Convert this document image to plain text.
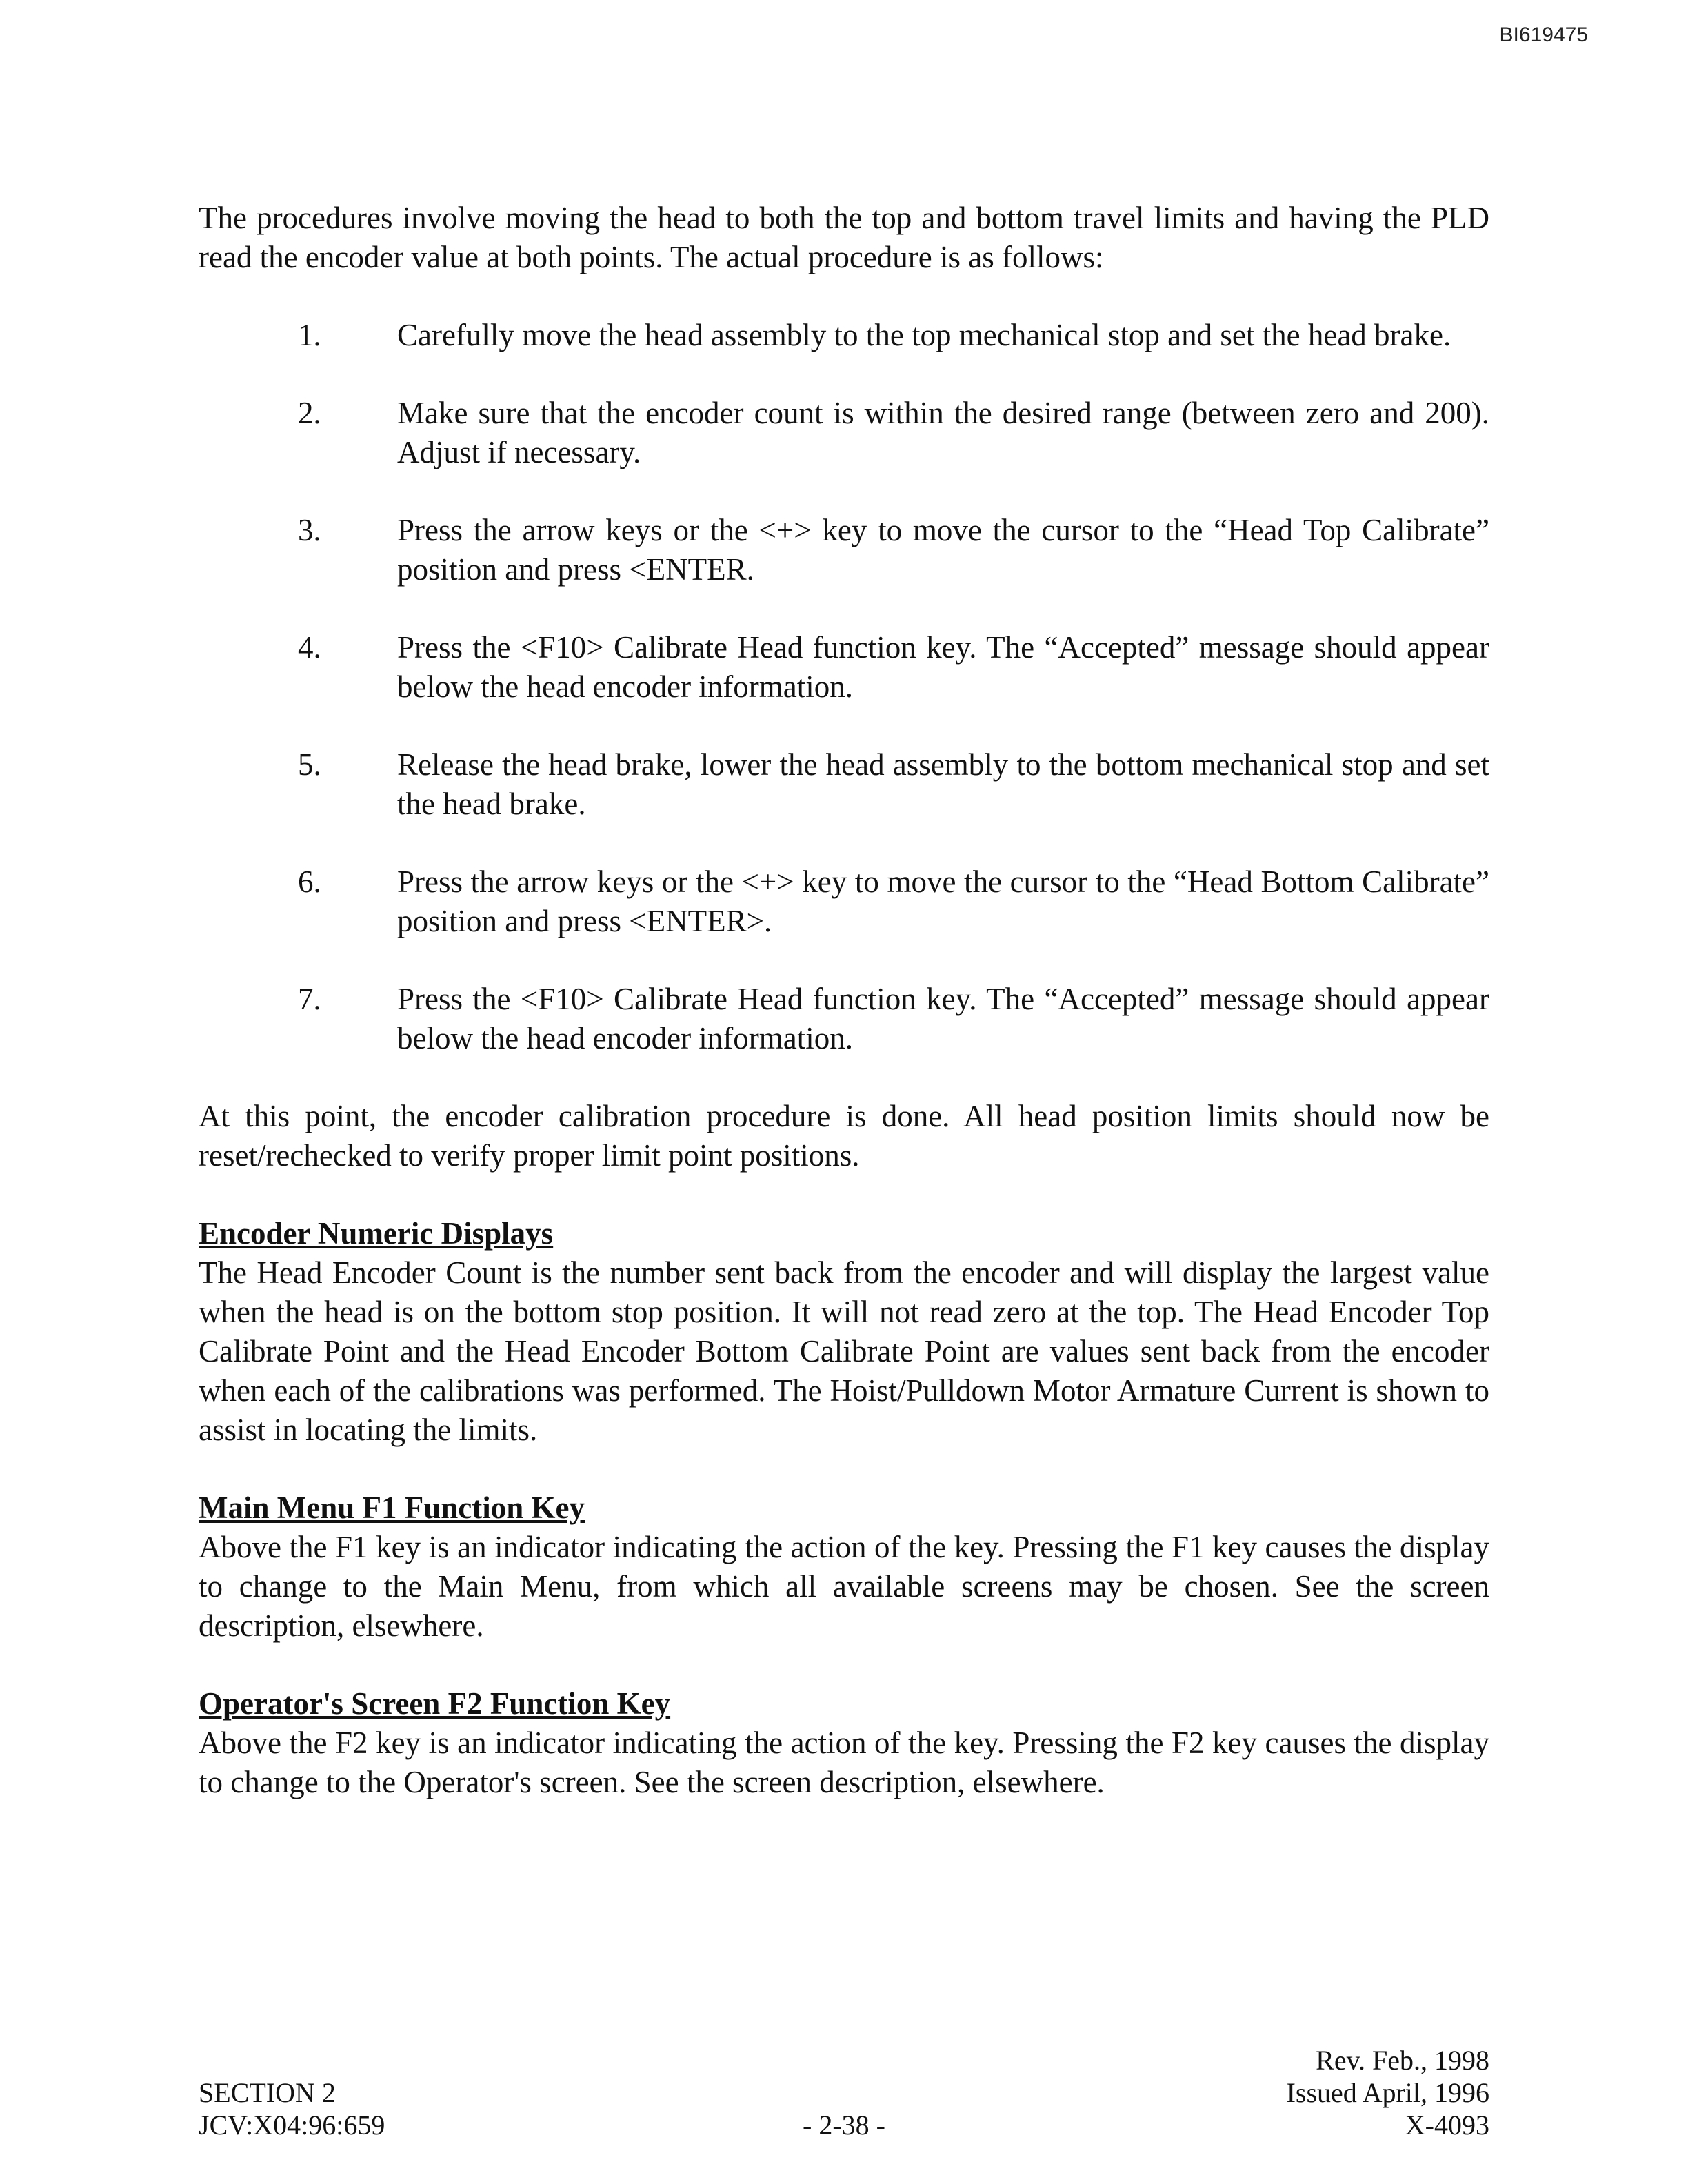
BI619475

The procedures involve moving the head to both the top and bottom travel limits and having the PLD read the encoder value at both points. The actual procedure is as follows:

1. Carefully move the head assembly to the top mechanical stop and set the head brake.
2. Make sure that the encoder count is within the desired range (between zero and 200). Adjust if necessary.
3. Press the arrow keys or the <+> key to move the cursor to the “Head Top Calibrate” position and press <ENTER.
4. Press the <F10> Calibrate Head function key. The “Accepted” message should appear below the head encoder information.
5. Release the head brake, lower the head assembly to the bottom mechanical stop and set the head brake.
6. Press the arrow keys or the <+> key to move the cursor to the “Head Bottom Calibrate” position and press <ENTER>.
7. Press the <F10> Calibrate Head function key. The “Accepted” message should appear below the head encoder information.

At this point, the encoder calibration procedure is done. All head position limits should now be reset/rechecked to verify proper limit point positions.

Encoder Numeric Displays

The Head Encoder Count is the number sent back from the encoder and will display the largest value when the head is on the bottom stop position. It will not read zero at the top. The Head Encoder Top Calibrate Point and the Head Encoder Bottom Calibrate Point are values sent back from the encoder when each of the calibrations was performed. The Hoist/Pulldown Motor Armature Current is shown to assist in locating the limits.

Main Menu F1 Function Key

Above the F1 key is an indicator indicating the action of the key. Pressing the F1 key causes the display to change to the Main Menu, from which all available screens may be chosen. See the screen description, elsewhere.

Operator's Screen F2 Function Key

Above the F2 key is an indicator indicating the action of the key. Pressing the F2 key causes the display to change to the Operator's screen. See the screen description, elsewhere.

SECTION 2
JCV:X04:96:659	- 2-38 -
Rev. Feb., 1998
Issued April, 1996
X-4093
